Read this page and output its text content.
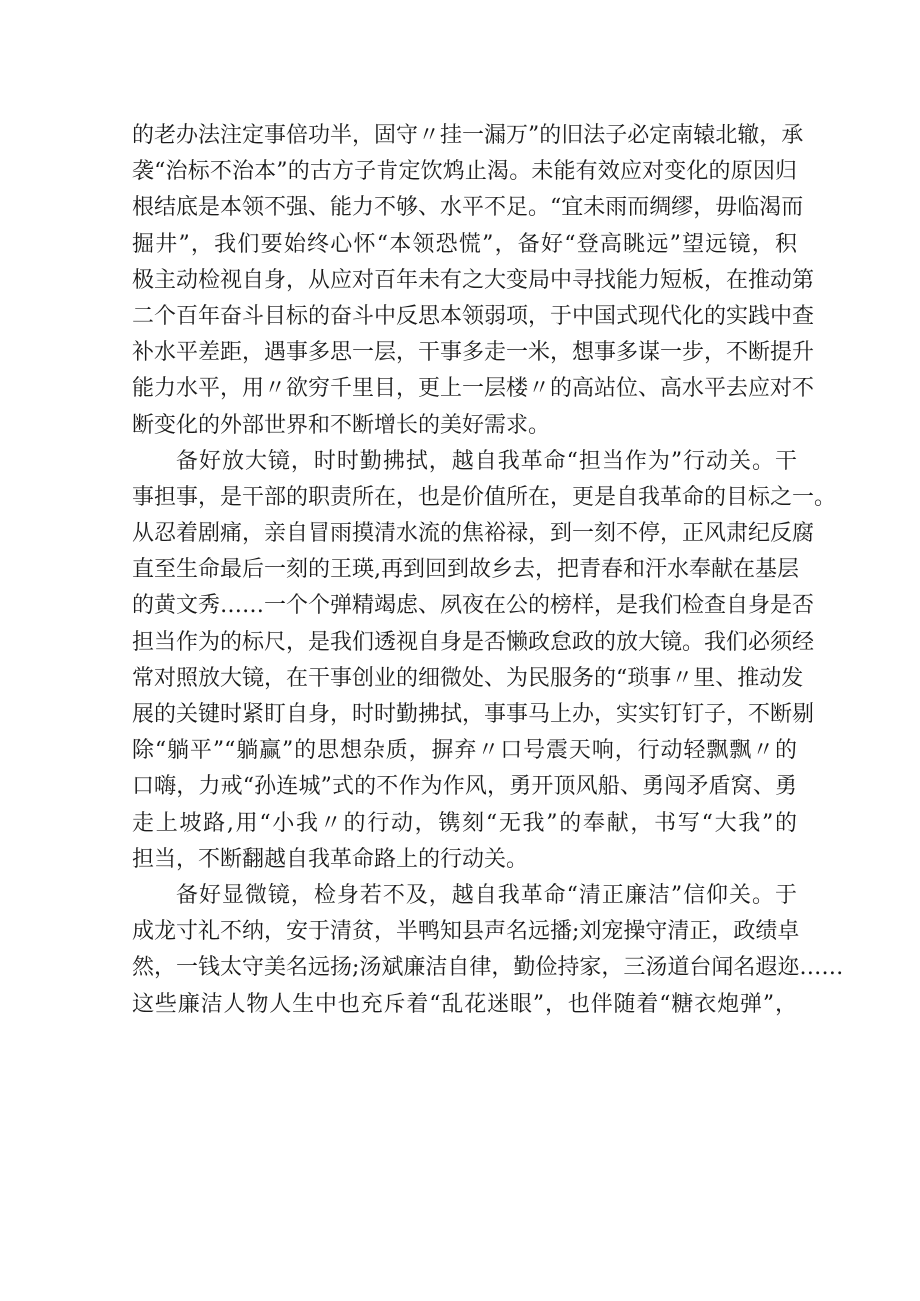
的老办法注定事倍功半，固守〃挂一漏万”的旧法子必定南辕北辙，承
袭“治标不治本”的古方子肯定饮鸩止渴。未能有效应对变化的原因归
根结底是本领不强、能力不够、水平不足。“宜未雨而绸缪，毋临渴而
掘井”，我们要始终心怀“本领恐慌”，备好“登高眺远”望远镜，积
极主动检视自身，从应对百年未有之大变局中寻找能力短板，在推动第
二个百年奋斗目标的奋斗中反思本领弱项，于中国式现代化的实践中查
补水平差距，遇事多思一层，干事多走一米，想事多谋一步，不断提升
能力水平，用〃欲穷千里目，更上一层楼〃的高站位、高水平去应对不
断变化的外部世界和不断增长的美好需求。
备好放大镜，时时勤拂拭，越自我革命“担当作为”行动关。干
事担事，是干部的职责所在，也是价值所在，更是自我革命的目标之一。
从忍着剧痛，亲自冒雨摸清水流的焦裕禄，到一刻不停，正风肃纪反腐
直至生命最后一刻的王瑛,再到回到故乡去，把青春和汗水奉献在基层
的黄文秀……一个个弹精竭虑、夙夜在公的榜样，是我们检查自身是否
担当作为的标尺，是我们透视自身是否懒政怠政的放大镜。我们必须经
常对照放大镜，在干事创业的细微处、为民服务的“琐事〃里、推动发
展的关键时紧盯自身，时时勤拂拭，事事马上办，实实钉钉子，不断剔
除“躺平”“躺赢”的思想杂质，摒弃〃口号震天响，行动轻飘飘〃的
口嗨，力戒“孙连城”式的不作为作风，勇开顶风船、勇闯矛盾窝、勇
走上坡路,用“小我〃的行动，镌刻“无我”的奉献，书写“大我”的
担当，不断翻越自我革命路上的行动关。
备好显微镜，检身若不及，越自我革命“清正廉洁”信仰关。于
成龙寸礼不纳，安于清贫，半鸭知县声名远播;刘宠操守清正，政绩卓
然，一钱太守美名远扬;汤斌廉洁自律，勤俭持家，三汤道台闻名遐迩……
这些廉洁人物人生中也充斥着“乱花迷眼”，也伴随着“糖衣炮弹”，
